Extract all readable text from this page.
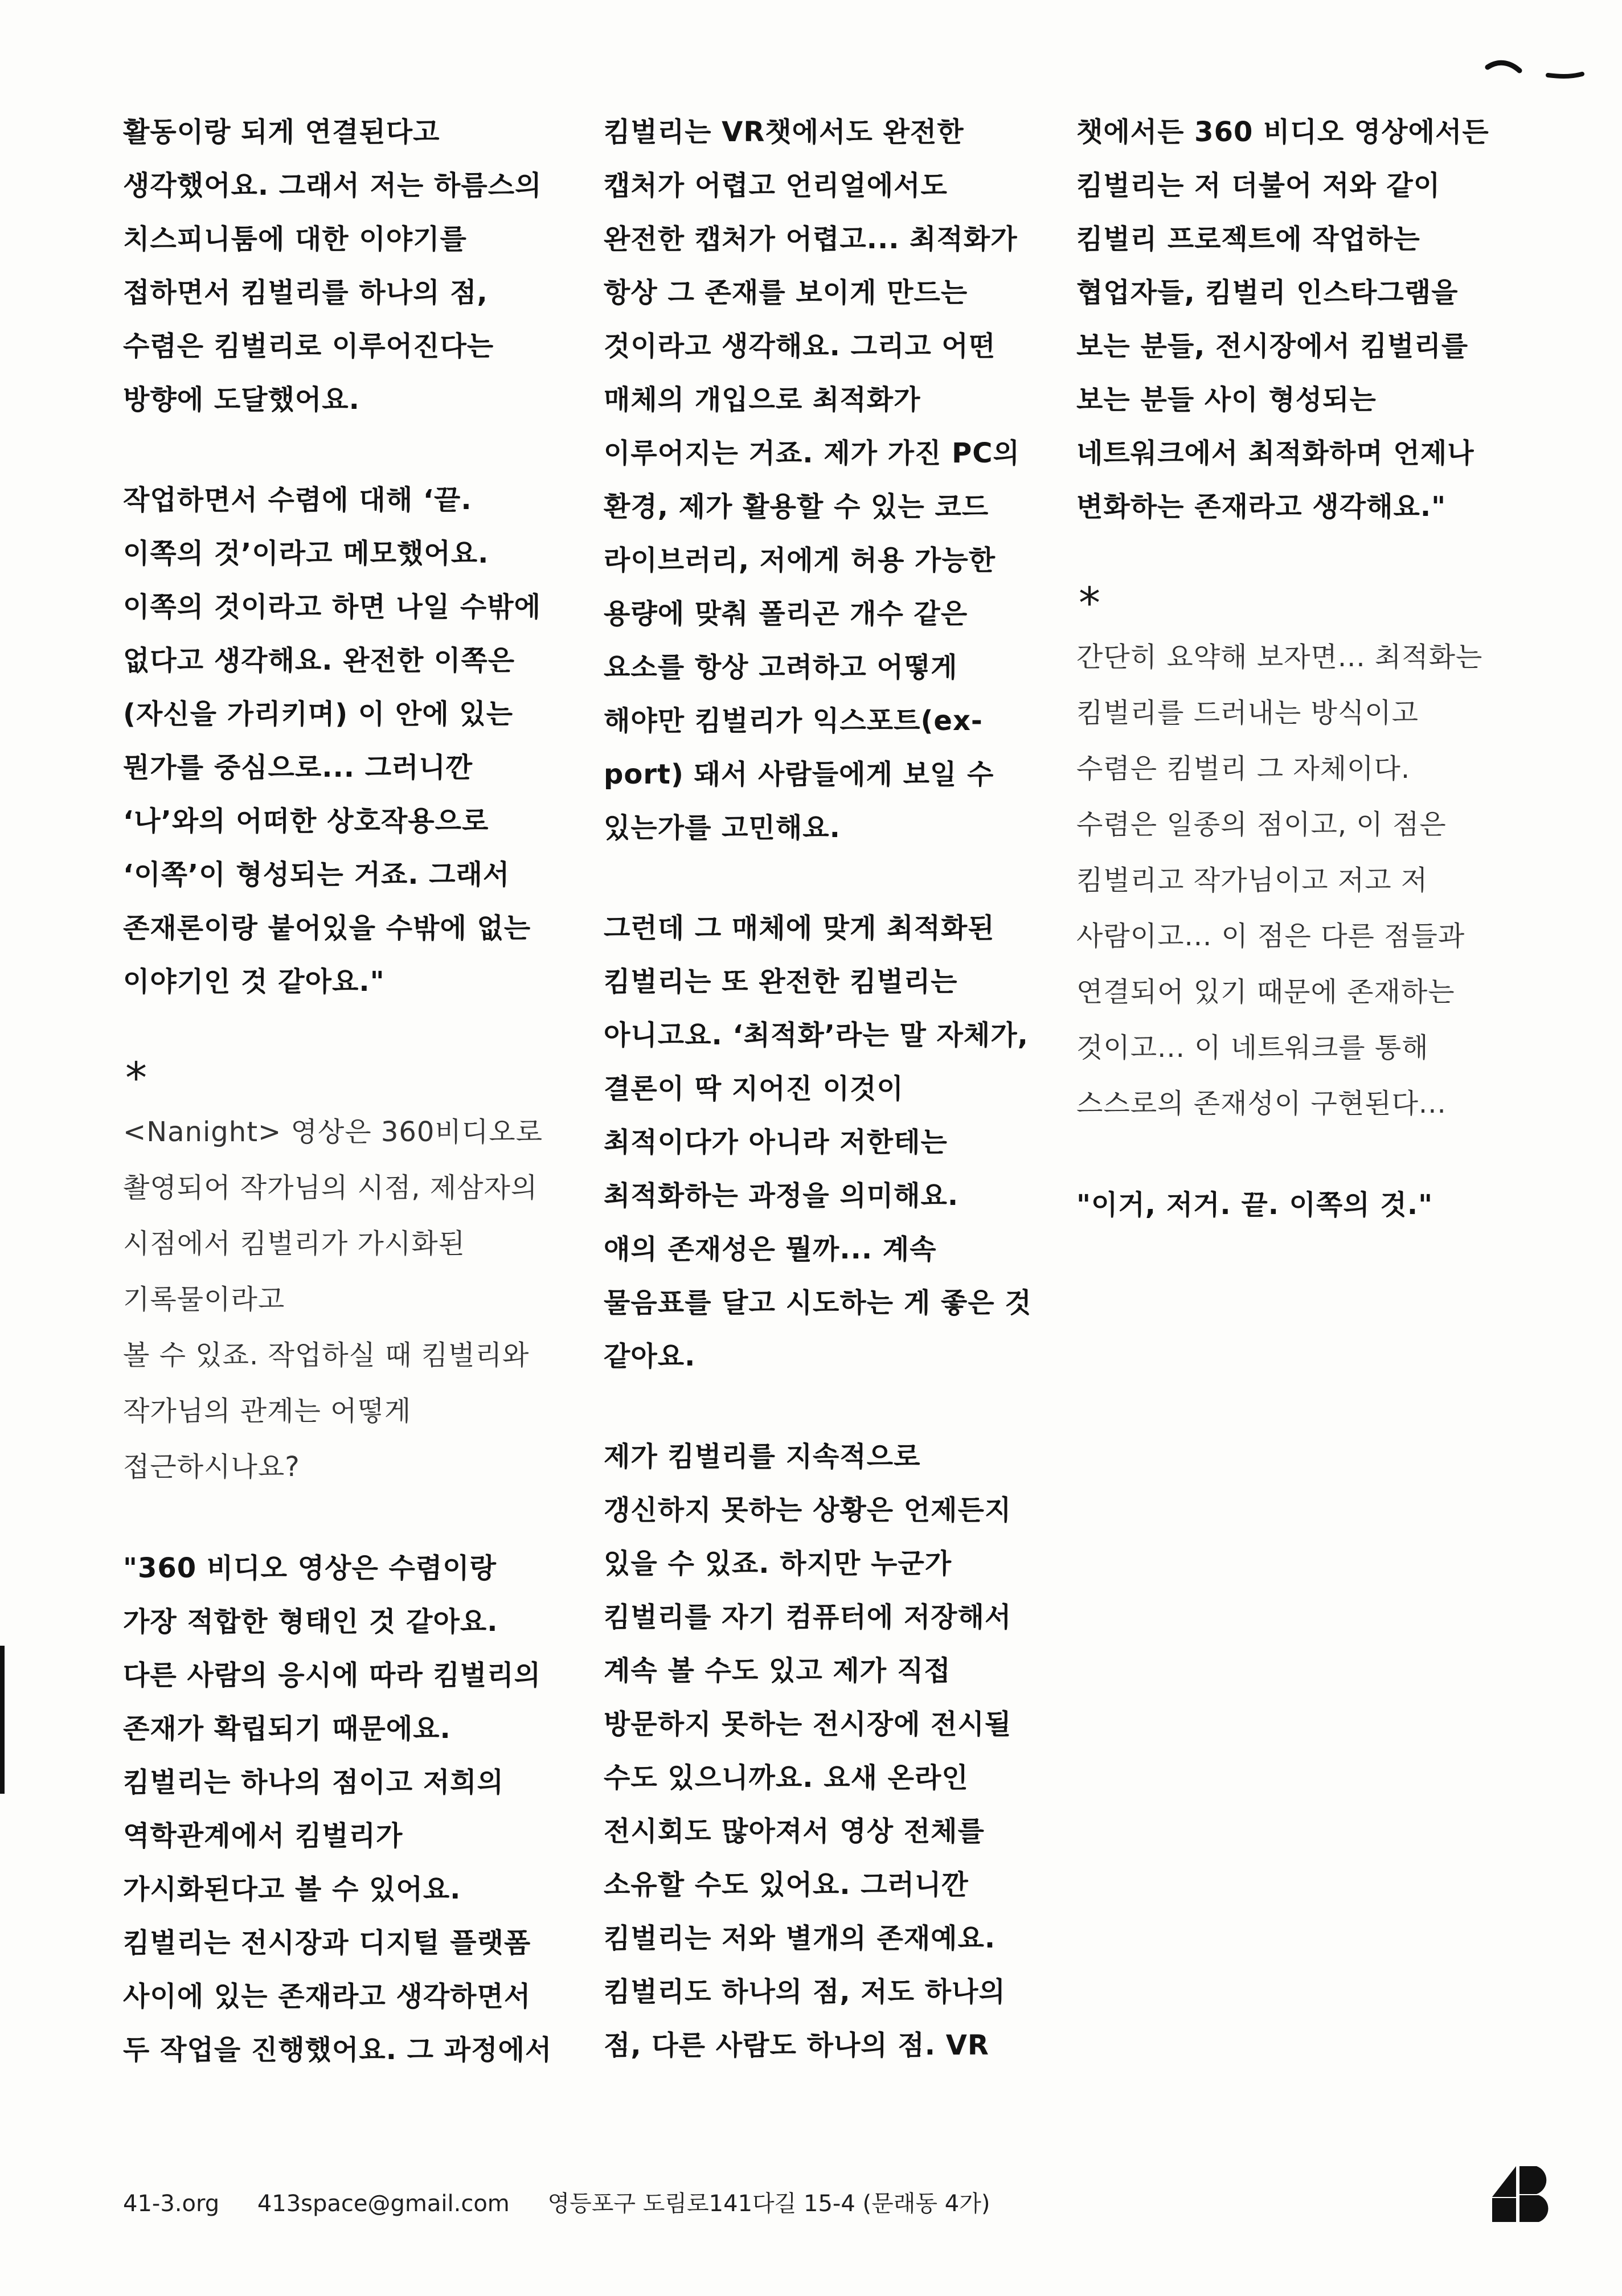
활동이랑 되게 연결된다고
생각했어요. 그래서 저는 하름스의
치스피니툼에 대한 이야기를
접하면서 킴벌리를 하나의 점,
수렴은 킴벌리로 이루어진다는
방향에 도달했어요.
작업하면서 수렴에 대해 ‘끝.
이쪽의 것’이라고 메모했어요.
이쪽의 것이라고 하면 나일 수밖에
없다고 생각해요. 완전한 이쪽은
(자신을 가리키며) 이 안에 있는
뭔가를 중심으로... 그러니깐
‘나’와의 어떠한 상호작용으로
‘이쪽’이 형성되는 거죠. 그래서
존재론이랑 붙어있을 수밖에 없는
이야기인 것 같아요."
*
<Nanight> 영상은 360비디오로
촬영되어 작가님의 시점, 제삼자의
시점에서 킴벌리가 가시화된
기록물이라고
볼 수 있죠. 작업하실 때 킴벌리와
작가님의 관계는 어떻게
접근하시나요?
"360 비디오 영상은 수렴이랑
가장 적합한 형태인 것 같아요.
다른 사람의 응시에 따라 킴벌리의
존재가 확립되기 때문에요.
킴벌리는 하나의 점이고 저희의
역학관계에서 킴벌리가
가시화된다고 볼 수 있어요.
킴벌리는 전시장과 디지털 플랫폼
사이에 있는 존재라고 생각하면서
두 작업을 진행했어요. 그 과정에서
킴벌리는 VR챗에서도 완전한
캡처가 어렵고 언리얼에서도
완전한 캡처가 어렵고... 최적화가
항상 그 존재를 보이게 만드는
것이라고 생각해요. 그리고 어떤
매체의 개입으로 최적화가
이루어지는 거죠. 제가 가진 PC의
환경, 제가 활용할 수 있는 코드
라이브러리, 저에게 허용 가능한
용량에 맞춰 폴리곤 개수 같은
요소를 항상 고려하고 어떻게
해야만 킴벌리가 익스포트(ex-
port) 돼서 사람들에게 보일 수
있는가를 고민해요.
그런데 그 매체에 맞게 최적화된
킴벌리는 또 완전한 킴벌리는
아니고요. ‘최적화’라는 말 자체가,
결론이 딱 지어진 이것이
최적이다가 아니라 저한테는
최적화하는 과정을 의미해요.
얘의 존재성은 뭘까... 계속
물음표를 달고 시도하는 게 좋은 것
같아요.
제가 킴벌리를 지속적으로
갱신하지 못하는 상황은 언제든지
있을 수 있죠. 하지만 누군가
킴벌리를 자기 컴퓨터에 저장해서
계속 볼 수도 있고 제가 직접
방문하지 못하는 전시장에 전시될
수도 있으니까요. 요새 온라인
전시회도 많아져서 영상 전체를
소유할 수도 있어요. 그러니깐
킴벌리는 저와 별개의 존재예요.
킴벌리도 하나의 점, 저도 하나의
점, 다른 사람도 하나의 점. VR
챗에서든 360 비디오 영상에서든
킴벌리는 저 더불어 저와 같이
킴벌리 프로젝트에 작업하는
협업자들, 킴벌리 인스타그램을
보는 분들, 전시장에서 킴벌리를
보는 분들 사이 형성되는
네트워크에서 최적화하며 언제나
변화하는 존재라고 생각해요."
*
간단히 요약해 보자면... 최적화는
킴벌리를 드러내는 방식이고
수렴은 킴벌리 그 자체이다.
수렴은 일종의 점이고, 이 점은
킴벌리고 작가님이고 저고 저
사람이고... 이 점은 다른 점들과
연결되어 있기 때문에 존재하는
것이고... 이 네트워크를 통해
스스로의 존재성이 구현된다...
"이거, 저거. 끝. 이쪽의 것."
41-3.org 413space@gmail.com 영등포구 도림로141다길 15-4 (문래동 4가)
